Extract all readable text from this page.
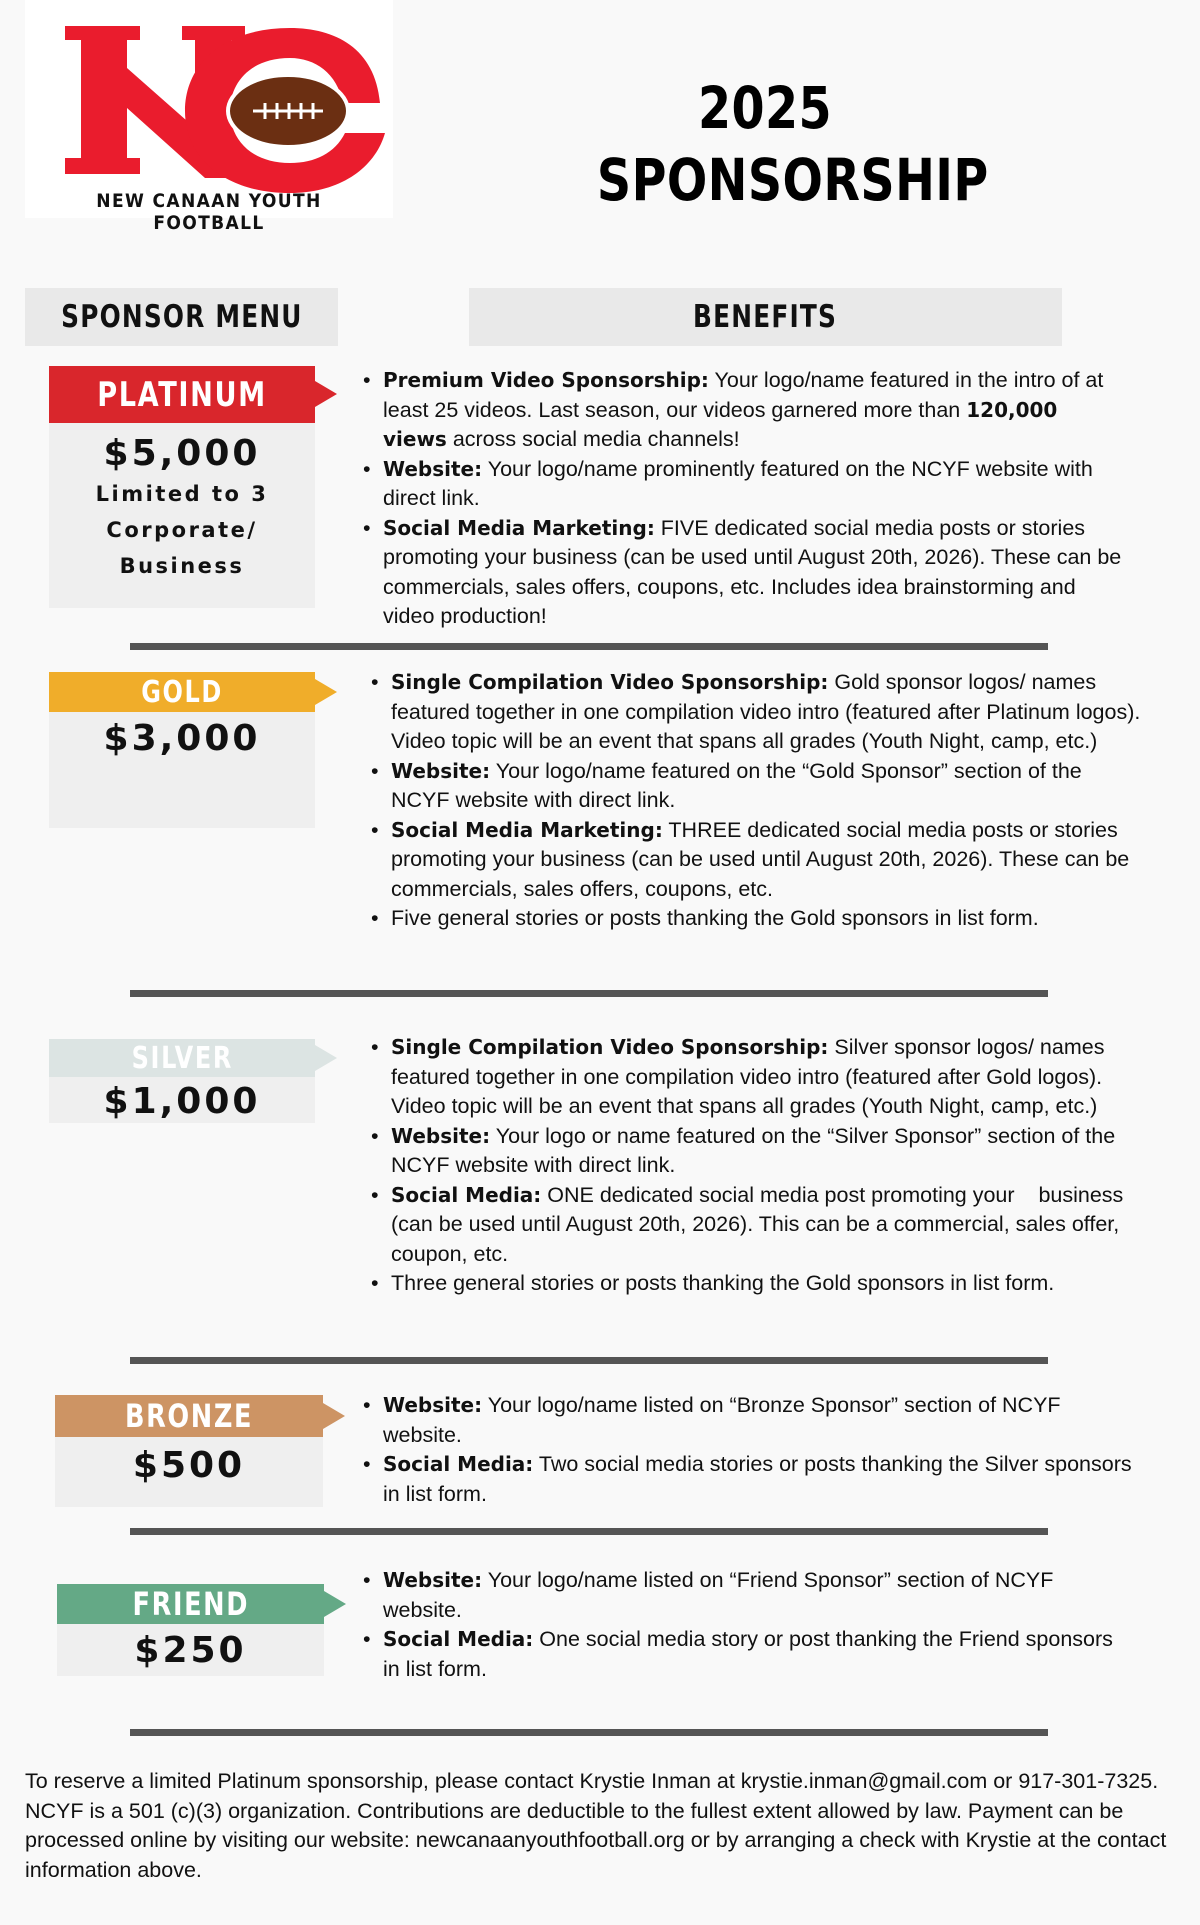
NEW CANAAN YOUTH FOOTBALL
2025
SPONSORSHIP
SPONSOR MENU	BENEFITS
PLATINUM
$5,000
Limited to 3
Corporate/
Business
• Premium Video Sponsorship: Your logo/name featured in the intro of at least 25 videos. Last season, our videos garnered more than 120,000 views across social media channels!
• Website: Your logo/name prominently featured on the NCYF website with direct link.
• Social Media Marketing: FIVE dedicated social media posts or stories promoting your business (can be used until August 20th, 2026). These can be commercials, sales offers, coupons, etc. Includes idea brainstorming and video production!
GOLD
$3,000
• Single Compilation Video Sponsorship: Gold sponsor logos/ names featured together in one compilation video intro (featured after Platinum logos). Video topic will be an event that spans all grades (Youth Night, camp, etc.)
• Website: Your logo/name featured on the “Gold Sponsor” section of the NCYF website with direct link.
• Social Media Marketing: THREE dedicated social media posts or stories promoting your business (can be used until August 20th, 2026). These can be commercials, sales offers, coupons, etc.
• Five general stories or posts thanking the Gold sponsors in list form.
SILVER
$1,000
• Single Compilation Video Sponsorship: Silver sponsor logos/ names featured together in one compilation video intro (featured after Gold logos). Video topic will be an event that spans all grades (Youth Night, camp, etc.)
• Website: Your logo or name featured on the “Silver Sponsor” section of the NCYF website with direct link.
• Social Media: ONE dedicated social media post promoting your    business (can be used until August 20th, 2026). This can be a commercial, sales offer, coupon, etc.
• Three general stories or posts thanking the Gold sponsors in list form.
BRONZE
$500
• Website: Your logo/name listed on “Bronze Sponsor” section of NCYF website.
• Social Media: Two social media stories or posts thanking the Silver sponsors in list form.
FRIEND
$250
• Website: Your logo/name listed on “Friend Sponsor” section of NCYF website.
• Social Media: One social media story or post thanking the Friend sponsors in list form.
To reserve a limited Platinum sponsorship, please contact Krystie Inman at krystie.inman@gmail.com or 917-301-7325. NCYF is a 501 (c)(3) organization. Contributions are deductible to the fullest extent allowed by law. Payment can be processed online by visiting our website: newcanaanyouthfootball.org or by arranging a check with Krystie at the contact information above.
